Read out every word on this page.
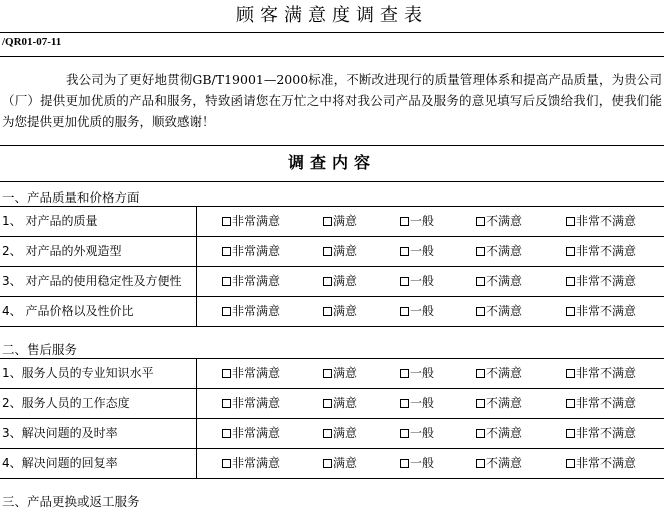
顾客满意度调查表
/QR01-07-11
我公司为了更好地贯彻GB/T19001—2000标准，不断改进现行的质量管理体系和提高产品质量，为贵公司（厂）提供更加优质的产品和服务，特致函请您在万忙之中将对我公司产品及服务的意见填写后反馈给我们，使我们能为您提供更加优质的服务，顺致感谢！
调查内容
一、产品质量和价格方面
1、 对产品的质量	非常满意	满意	一般	不满意	非常不满意
2、 对产品的外观造型	非常满意	满意	一般	不满意	非常不满意
3、 对产品的使用稳定性及方便性	非常满意	满意	一般	不满意	非常不满意
4、 产品价格以及性价比	非常满意	满意	一般	不满意	非常不满意
二、售后服务
1、服务人员的专业知识水平	非常满意	满意	一般	不满意	非常不满意
2、服务人员的工作态度	非常满意	满意	一般	不满意	非常不满意
3、解决问题的及时率	非常满意	满意	一般	不满意	非常不满意
4、解决问题的回复率	非常满意	满意	一般	不满意	非常不满意
三、产品更换或返工服务
